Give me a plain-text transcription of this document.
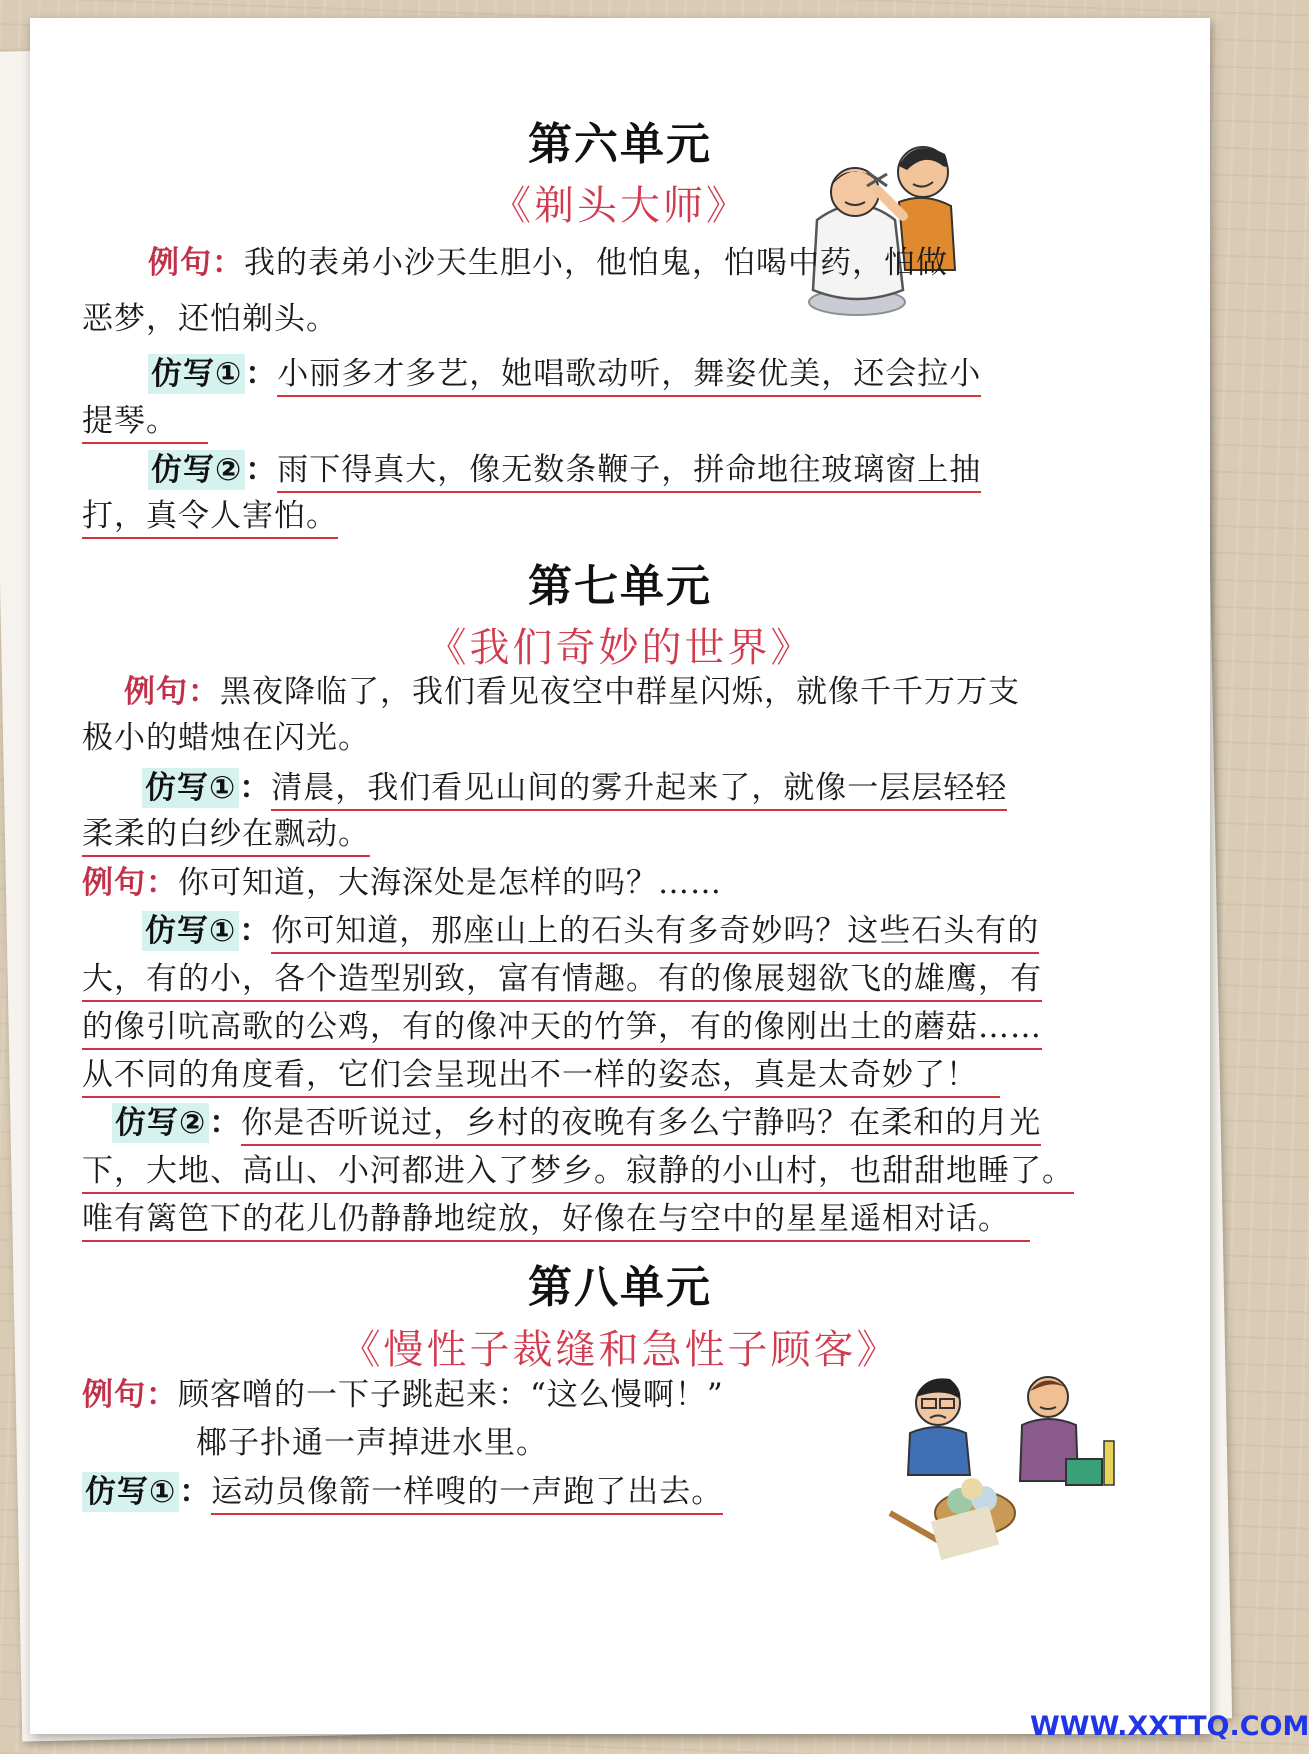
第六单元
《剃头大师》
例句：我的表弟小沙天生胆小，他怕鬼，怕喝中药，怕做
恶梦，还怕剃头。
仿写①：小丽多才多艺，她唱歌动听，舞姿优美，还会拉小
提琴。
仿写②：雨下得真大，像无数条鞭子，拼命地往玻璃窗上抽
打，真令人害怕。
第七单元
《我们奇妙的世界》
例句：黑夜降临了，我们看见夜空中群星闪烁，就像千千万万支
极小的蜡烛在闪光。
仿写①：清晨，我们看见山间的雾升起来了，就像一层层轻轻
柔柔的白纱在飘动。
例句：你可知道，大海深处是怎样的吗？……
仿写①：你可知道，那座山上的石头有多奇妙吗？这些石头有的
大，有的小，各个造型别致，富有情趣。有的像展翅欲飞的雄鹰，有
的像引吭高歌的公鸡，有的像冲天的竹笋，有的像刚出土的蘑菇……
从不同的角度看，它们会呈现出不一样的姿态，真是太奇妙了！
仿写②：你是否听说过，乡村的夜晚有多么宁静吗？在柔和的月光
下，大地、高山、小河都进入了梦乡。寂静的小山村，也甜甜地睡了。
唯有篱笆下的花儿仍静静地绽放，好像在与空中的星星遥相对话。
第八单元
《慢性子裁缝和急性子顾客》
例句：顾客噌的一下子跳起来：“这么慢啊！”
椰子扑通一声掉进水里。
仿写①：运动员像箭一样嗖的一声跑了出去。
WWW.XXTTQ.COM
